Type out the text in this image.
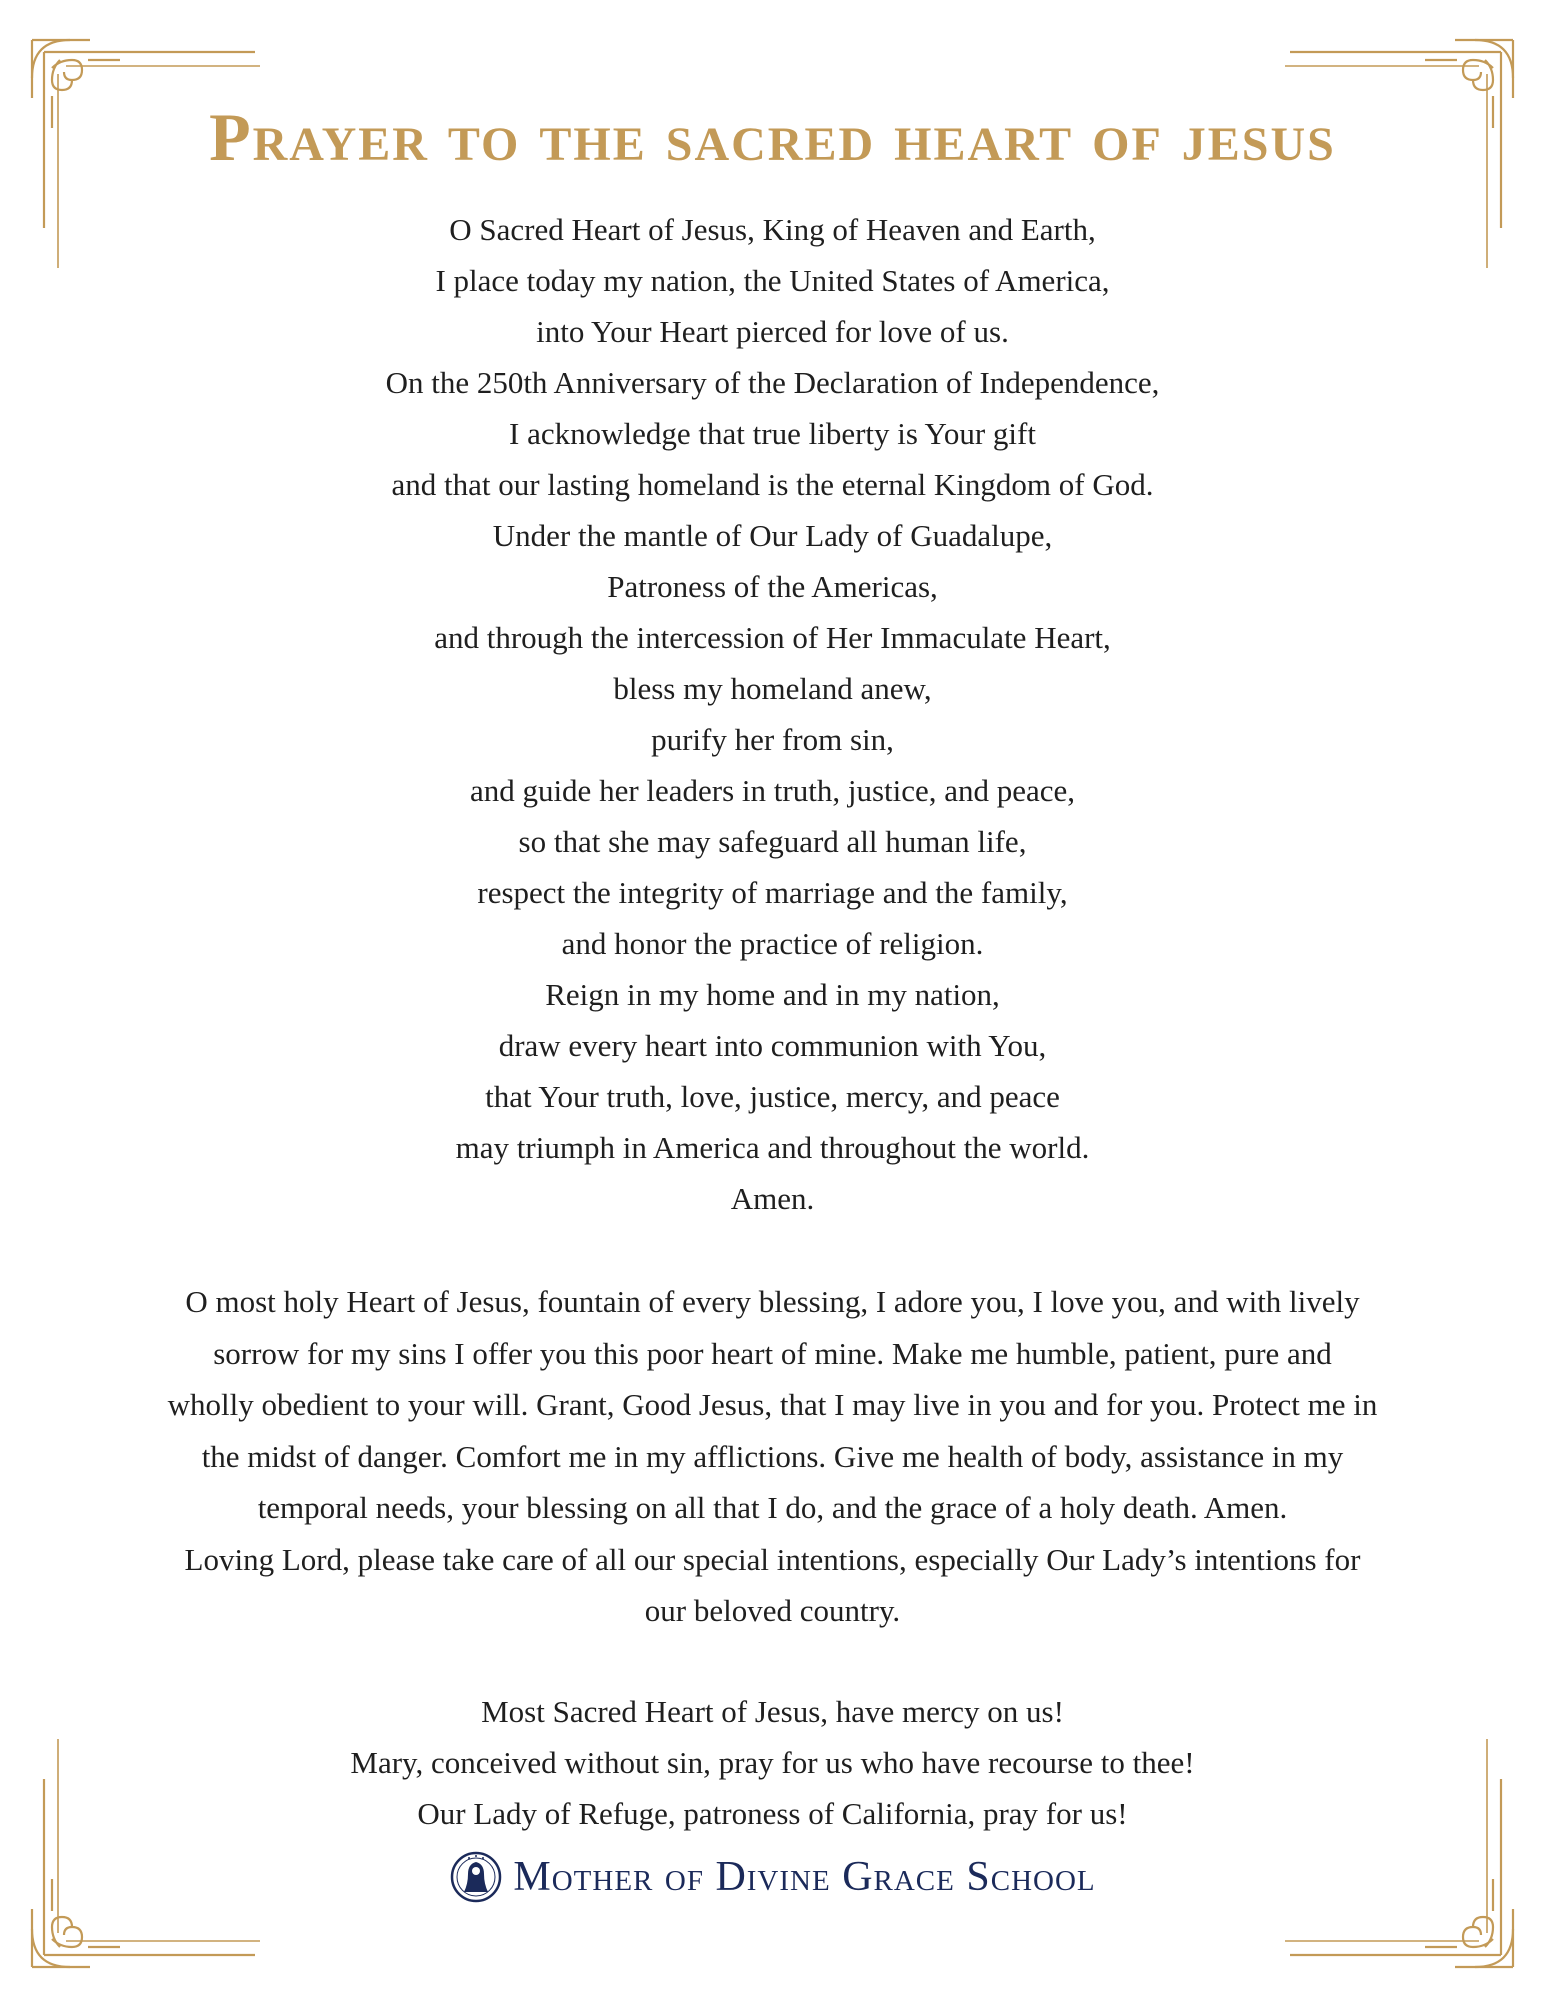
Prayer to the sacred heart of jesus
O Sacred Heart of Jesus, King of Heaven and Earth,
I place today my nation, the United States of America,
into Your Heart pierced for love of us.
On the 250th Anniversary of the Declaration of Independence,
I acknowledge that true liberty is Your gift
and that our lasting homeland is the eternal Kingdom of God.
Under the mantle of Our Lady of Guadalupe,
Patroness of the Americas,
and through the intercession of Her Immaculate Heart,
bless my homeland anew,
purify her from sin,
and guide her leaders in truth, justice, and peace,
so that she may safeguard all human life,
respect the integrity of marriage and the family,
and honor the practice of religion.
Reign in my home and in my nation,
draw every heart into communion with You,
that Your truth, love, justice, mercy, and peace
may triumph in America and throughout the world.
Amen.
O most holy Heart of Jesus, fountain of every blessing, I adore you, I love you, and with lively
sorrow for my sins I offer you this poor heart of mine. Make me humble, patient, pure and
wholly obedient to your will. Grant, Good Jesus, that I may live in you and for you. Protect me in
the midst of danger. Comfort me in my afflictions. Give me health of body, assistance in my
temporal needs, your blessing on all that I do, and the grace of a holy death. Amen.
Loving Lord, please take care of all our special intentions, especially Our Lady’s intentions for
our beloved country.
Most Sacred Heart of Jesus, have mercy on us!
Mary, conceived without sin, pray for us who have recourse to thee!
Our Lady of Refuge, patroness of California, pray for us!
Mother of Divine Grace School
